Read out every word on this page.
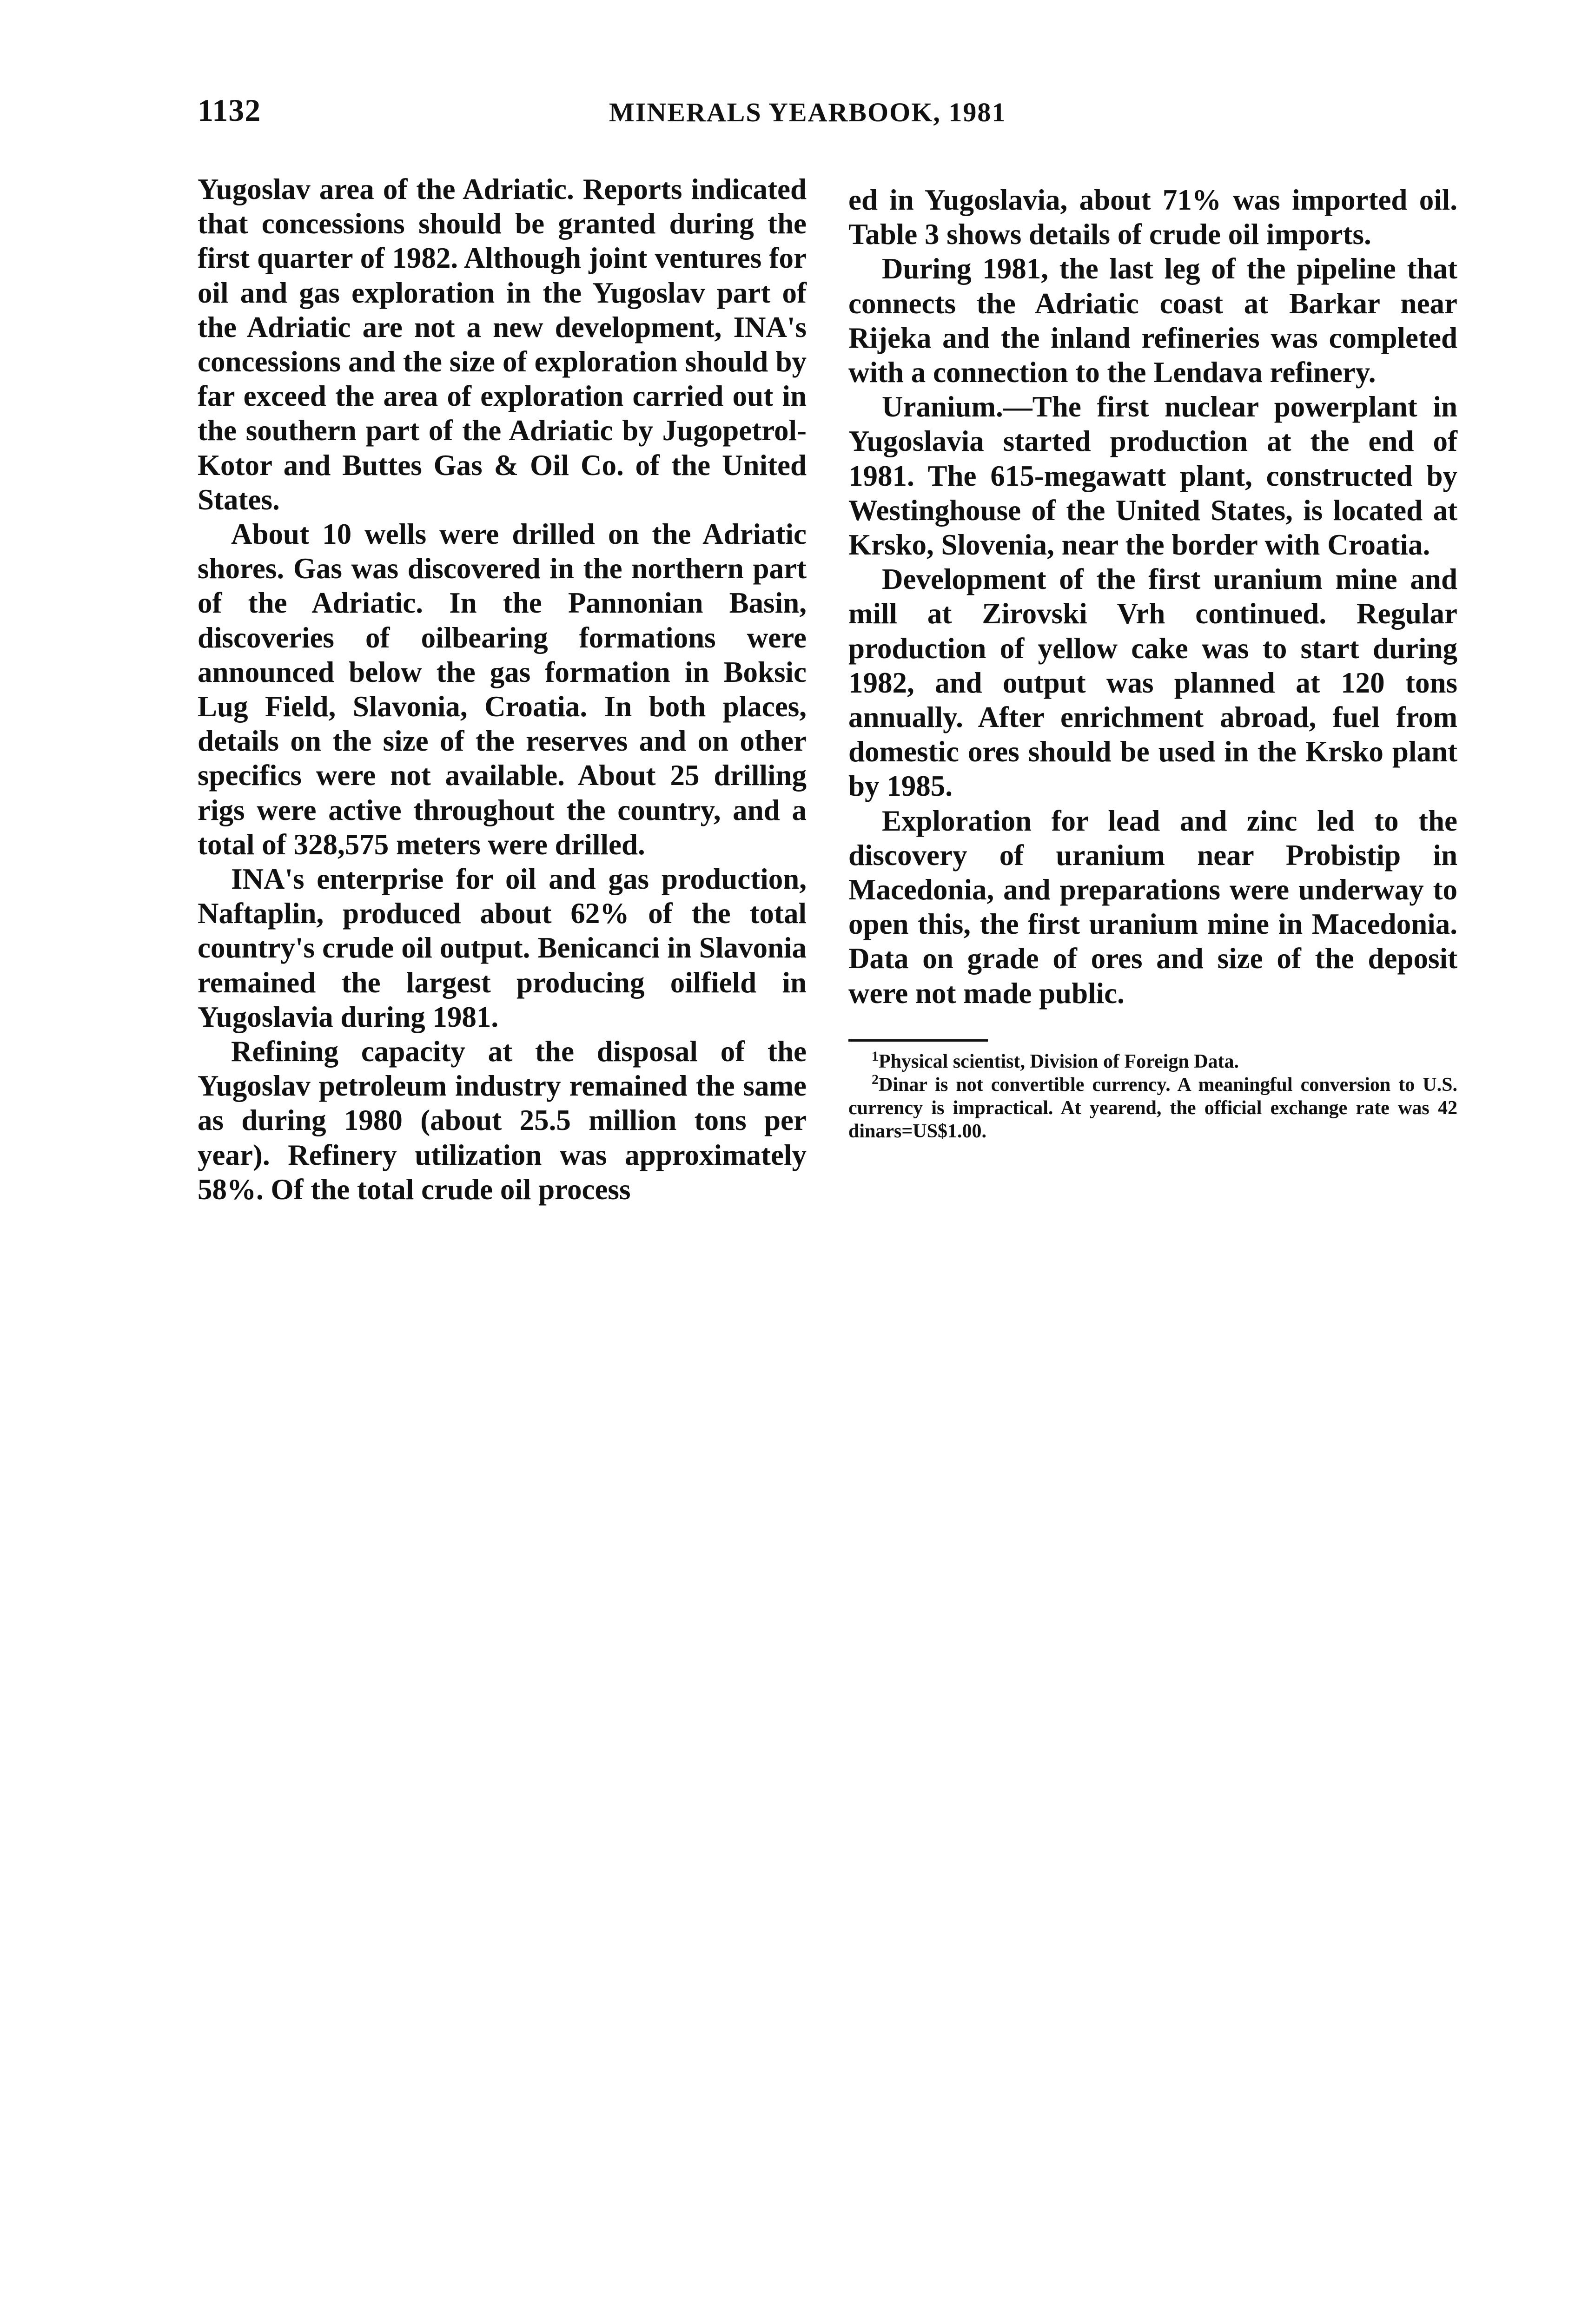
1132	MINERALS YEARBOOK, 1981

Yugoslav area of the Adriatic. Reports indicated that concessions should be granted during the first quarter of 1982. Although joint ventures for oil and gas exploration in the Yugoslav part of the Adriatic are not a new development, INA's concessions and the size of exploration should by far exceed the area of exploration carried out in the southern part of the Adriatic by Jugopetrol-Kotor and Buttes Gas & Oil Co. of the United States.

About 10 wells were drilled on the Adriatic shores. Gas was discovered in the northern part of the Adriatic. In the Pannonian Basin, discoveries of oilbearing formations were announced below the gas formation in Boksic Lug Field, Slavonia, Croatia. In both places, details on the size of the reserves and on other specifics were not available. About 25 drilling rigs were active throughout the country, and a total of 328,575 meters were drilled.

INA's enterprise for oil and gas production, Naftaplin, produced about 62% of the total country's crude oil output. Benicanci in Slavonia remained the largest producing oilfield in Yugoslavia during 1981.

Refining capacity at the disposal of the Yugoslav petroleum industry remained the same as during 1980 (about 25.5 million tons per year). Refinery utilization was approximately 58%. Of the total crude oil process

ed in Yugoslavia, about 71% was imported oil. Table 3 shows details of crude oil imports.

During 1981, the last leg of the pipeline that connects the Adriatic coast at Barkar near Rijeka and the inland refineries was completed with a connection to the Lendava refinery.

Uranium.—The first nuclear powerplant in Yugoslavia started production at the end of 1981. The 615-megawatt plant, constructed by Westinghouse of the United States, is located at Krsko, Slovenia, near the border with Croatia.

Development of the first uranium mine and mill at Zirovski Vrh continued. Regular production of yellow cake was to start during 1982, and output was planned at 120 tons annually. After enrichment abroad, fuel from domestic ores should be used in the Krsko plant by 1985.

Exploration for lead and zinc led to the discovery of uranium near Probistip in Macedonia, and preparations were underway to open this, the first uranium mine in Macedonia. Data on grade of ores and size of the deposit were not made public.

$^1$Physical scientist, Division of Foreign Data.

$^2$Dinar is not convertible currency. A meaningful conversion to U.S. currency is impractical. At yearend, the official exchange rate was 42 dinars=US$1.00.
